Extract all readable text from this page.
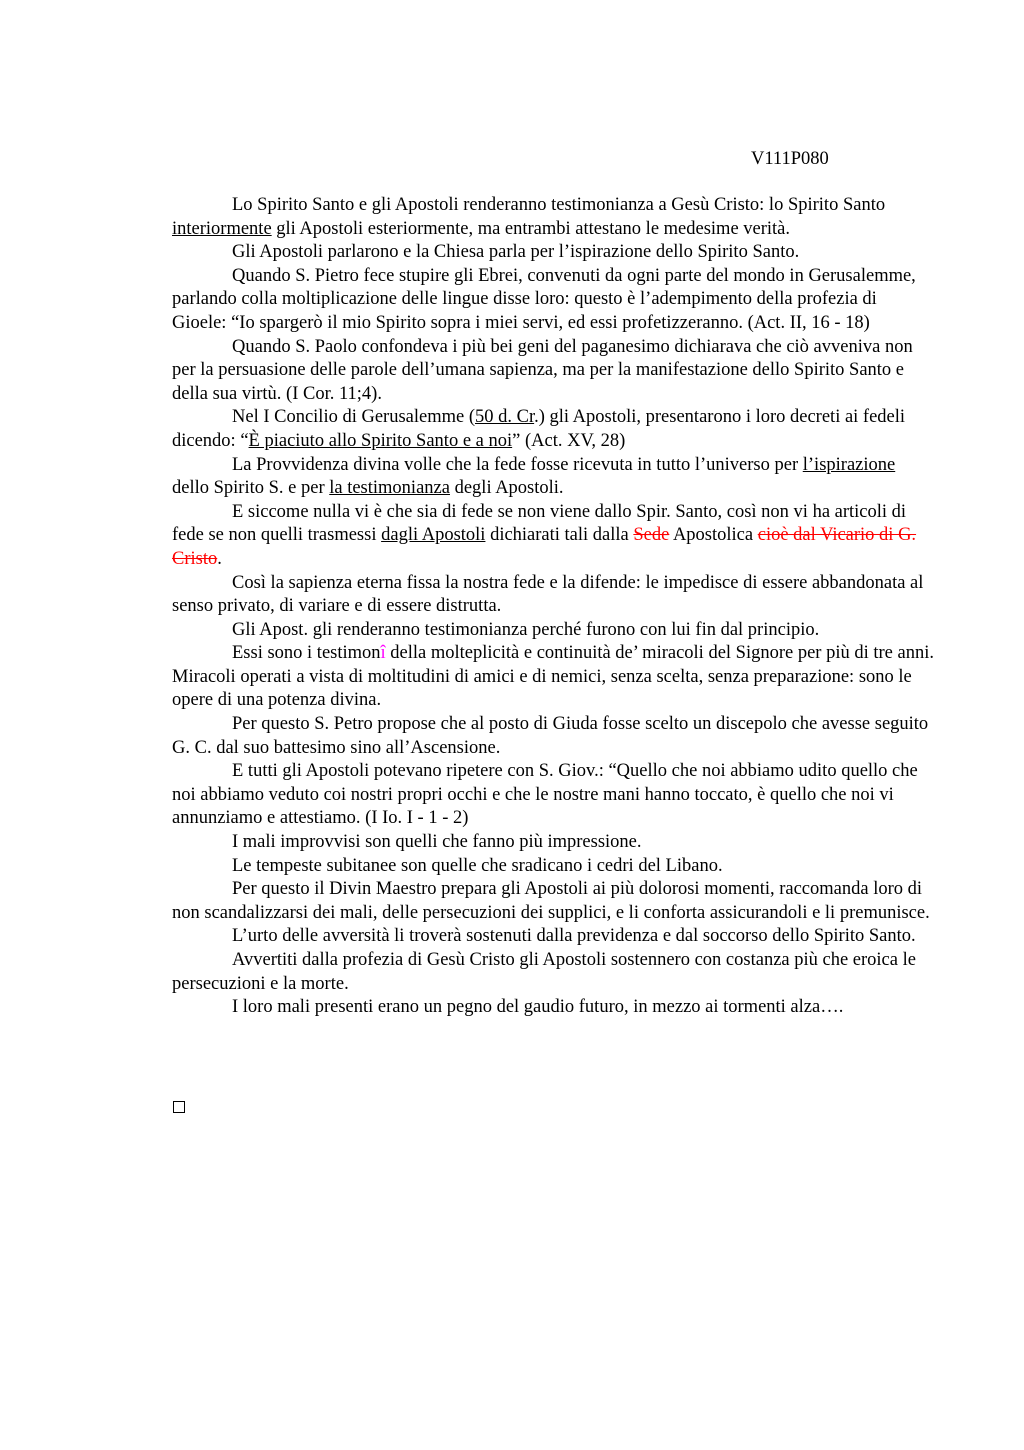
V111P080

Lo Spirito Santo e gli Apostoli renderanno testimonianza a Gesù Cristo: lo Spirito Santo interiormente gli Apostoli esteriormente, ma entrambi attestano le medesime verità.

Gli Apostoli parlarono e la Chiesa parla per l’ispirazione dello Spirito Santo.

Quando S. Pietro fece stupire gli Ebrei, convenuti da ogni parte del mondo in Gerusalemme, parlando colla moltiplicazione delle lingue disse loro: questo è l’adempimento della profezia di Gioele: “Io spargerò il mio Spirito sopra i miei servi, ed essi profetizzeranno. (Act. II, 16 - 18)

Quando S. Paolo confondeva i più bei geni del paganesimo dichiarava che ciò avveniva non per la persuasione delle parole dell’umana sapienza, ma per la manifestazione dello Spirito Santo e della sua virtù. (I Cor. 11;4).

Nel I Concilio di Gerusalemme (50 d. Cr.) gli Apostoli, presentarono i loro decreti ai fedeli dicendo: “È piaciuto allo Spirito Santo e a noi” (Act. XV, 28)

La Provvidenza divina volle che la fede fosse ricevuta in tutto l’universo per l’ispirazione dello Spirito S. e per la testimonianza degli Apostoli.

E siccome nulla vi è che sia di fede se non viene dallo Spir. Santo, così non vi ha articoli di fede se non quelli trasmessi dagli Apostoli dichiarati tali dalla Sede Apostolica cioè dal Vicario di G. Cristo.

Così la sapienza eterna fissa la nostra fede e la difende: le impedisce di essere abbandonata al senso privato, di variare e di essere distrutta.

Gli Apost. gli renderanno testimonianza perché furono con lui fin dal principio.

Essi sono i testimonî della molteplicità e continuità de’ miracoli del Signore per più di tre anni. Miracoli operati a vista di moltitudini di amici e di nemici, senza scelta, senza preparazione: sono le opere di una potenza divina.

Per questo S. Petro propose che al posto di Giuda fosse scelto un discepolo che avesse seguito G. C. dal suo battesimo sino all’Ascensione.

E tutti gli Apostoli potevano ripetere con S. Giov.: “Quello che noi abbiamo udito quello che noi abbiamo veduto coi nostri propri occhi e che le nostre mani hanno toccato, è quello che noi vi annunziamo e attestiamo. (I Io. I - 1 - 2)

I mali improvvisi son quelli che fanno più impressione.

Le tempeste subitanee son quelle che sradicano i cedri del Libano.

Per questo il Divin Maestro prepara gli Apostoli ai più dolorosi momenti, raccomanda loro di non scandalizzarsi dei mali, delle persecuzioni dei supplici, e li conforta assicurandoli e li premunisce.

L’urto delle avversità li troverà sostenuti dalla previdenza e dal soccorso dello Spirito Santo.

Avvertiti dalla profezia di Gesù Cristo gli Apostoli sostennero con costanza più che eroica le persecuzioni e la morte.

I loro mali presenti erano un pegno del gaudio futuro, in mezzo ai tormenti alza….
